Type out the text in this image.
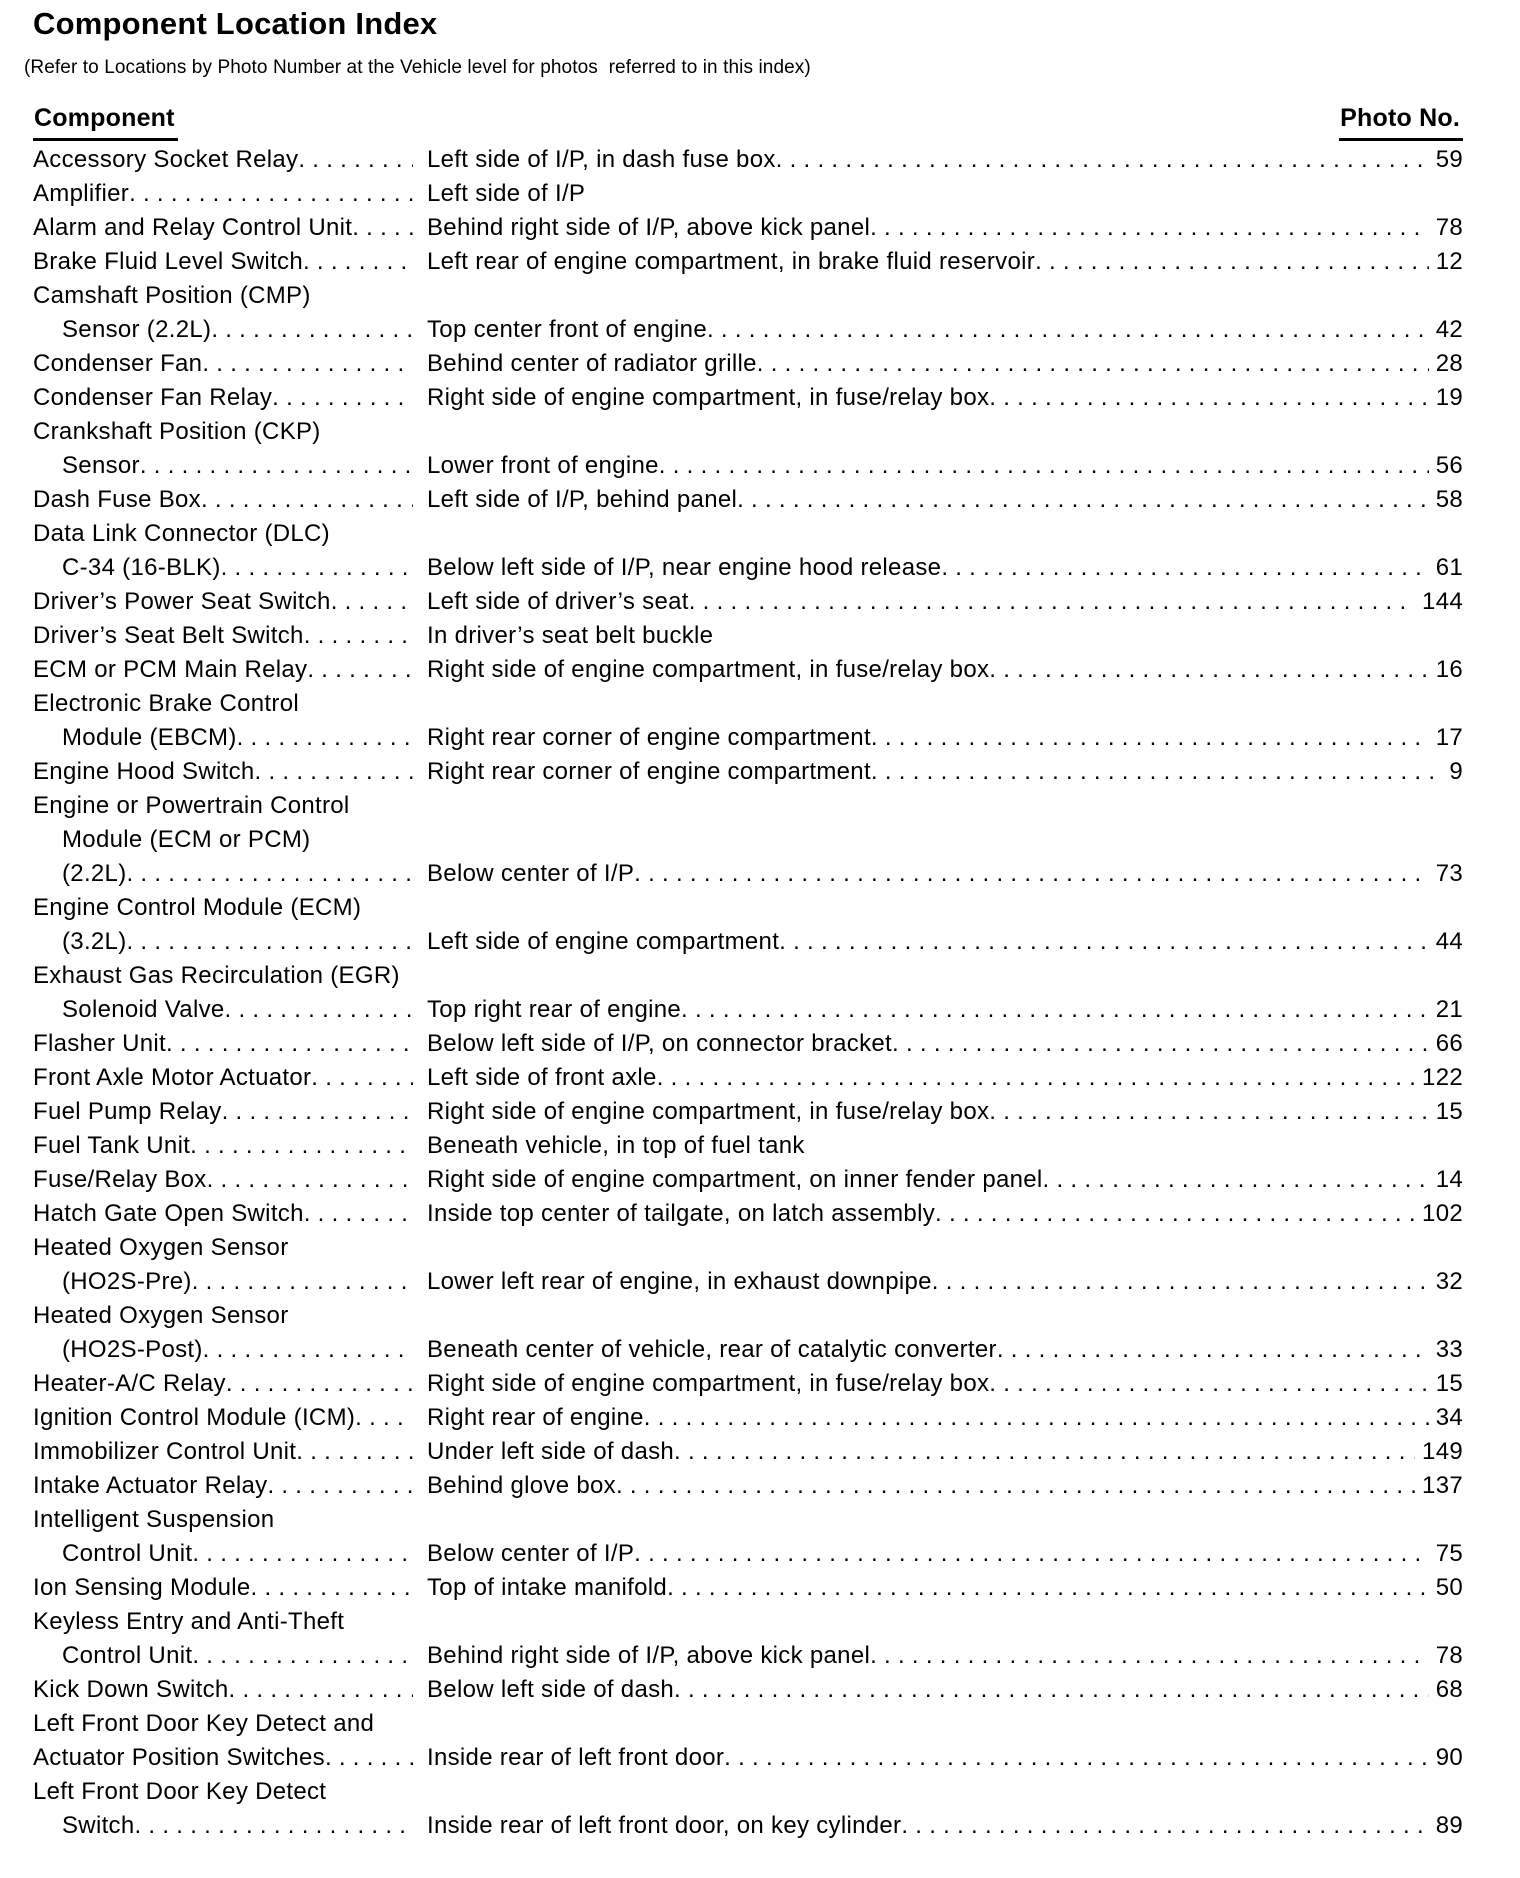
Component Location Index

(Refer to Locations by Photo Number at the Vehicle level for photos  referred to in this index)

Component	Photo No.
Accessory Socket Relay . . .	Left side of I/P, in dash fuse box . . .	59
Amplifier . . .	Left side of I/P
Alarm and Relay Control Unit . . .	Behind right side of I/P, above kick panel . . .	78
Brake Fluid Level Switch . . .	Left rear of engine compartment, in brake fluid reservoir . . .	12
Camshaft Position (CMP)
Sensor (2.2L) . . .	Top center front of engine . . .	42
Condenser Fan . . .	Behind center of radiator grille . . .	28
Condenser Fan Relay . . .	Right side of engine compartment, in fuse/relay box . . .	19
Crankshaft Position (CKP)
Sensor . . .	Lower front of engine . . .	56
Dash Fuse Box . . .	Left side of I/P, behind panel . . .	58
Data Link Connector (DLC)
C-34 (16-BLK) . . .	Below left side of I/P, near engine hood release . . .	61
Driver’s Power Seat Switch . . .	Left side of driver’s seat . . .	144
Driver’s Seat Belt Switch . . .	In driver’s seat belt buckle
ECM or PCM Main Relay . . .	Right side of engine compartment, in fuse/relay box . . .	16
Electronic Brake Control
Module (EBCM) . . .	Right rear corner of engine compartment . . .	17
Engine Hood Switch . . .	Right rear corner of engine compartment . . .	9
Engine or Powertrain Control
Module (ECM or PCM)
(2.2L) . . .	Below center of I/P . . .	73
Engine Control Module (ECM)
(3.2L) . . .	Left side of engine compartment . . .	44
Exhaust Gas Recirculation (EGR)
Solenoid Valve . . .	Top right rear of engine . . .	21
Flasher Unit . . .	Below left side of I/P, on connector bracket . . .	66
Front Axle Motor Actuator . . .	Left side of front axle . . .	122
Fuel Pump Relay . . .	Right side of engine compartment, in fuse/relay box . . .	15
Fuel Tank Unit . . .	Beneath vehicle, in top of fuel tank
Fuse/Relay Box . . .	Right side of engine compartment, on inner fender panel . . .	14
Hatch Gate Open Switch . . .	Inside top center of tailgate, on latch assembly . . .	102
Heated Oxygen Sensor
(HO2S-Pre) . . .	Lower left rear of engine, in exhaust downpipe . . .	32
Heated Oxygen Sensor
(HO2S-Post) . . .	Beneath center of vehicle, rear of catalytic converter . . .	33
Heater-A/C Relay . . .	Right side of engine compartment, in fuse/relay box . . .	15
Ignition Control Module (ICM) . . .	Right rear of engine . . .	34
Immobilizer Control Unit . . .	Under left side of dash . . .	149
Intake Actuator Relay . . .	Behind glove box . . .	137
Intelligent Suspension
Control Unit . . .	Below center of I/P . . .	75
Ion Sensing Module . . .	Top of intake manifold . . .	50
Keyless Entry and Anti-Theft
Control Unit . . .	Behind right side of I/P, above kick panel . . .	78
Kick Down Switch . . .	Below left side of dash . . .	68
Left Front Door Key Detect and
Actuator Position Switches . . .	Inside rear of left front door . . .	90
Left Front Door Key Detect
Switch . . .	Inside rear of left front door, on key cylinder . . .	89
